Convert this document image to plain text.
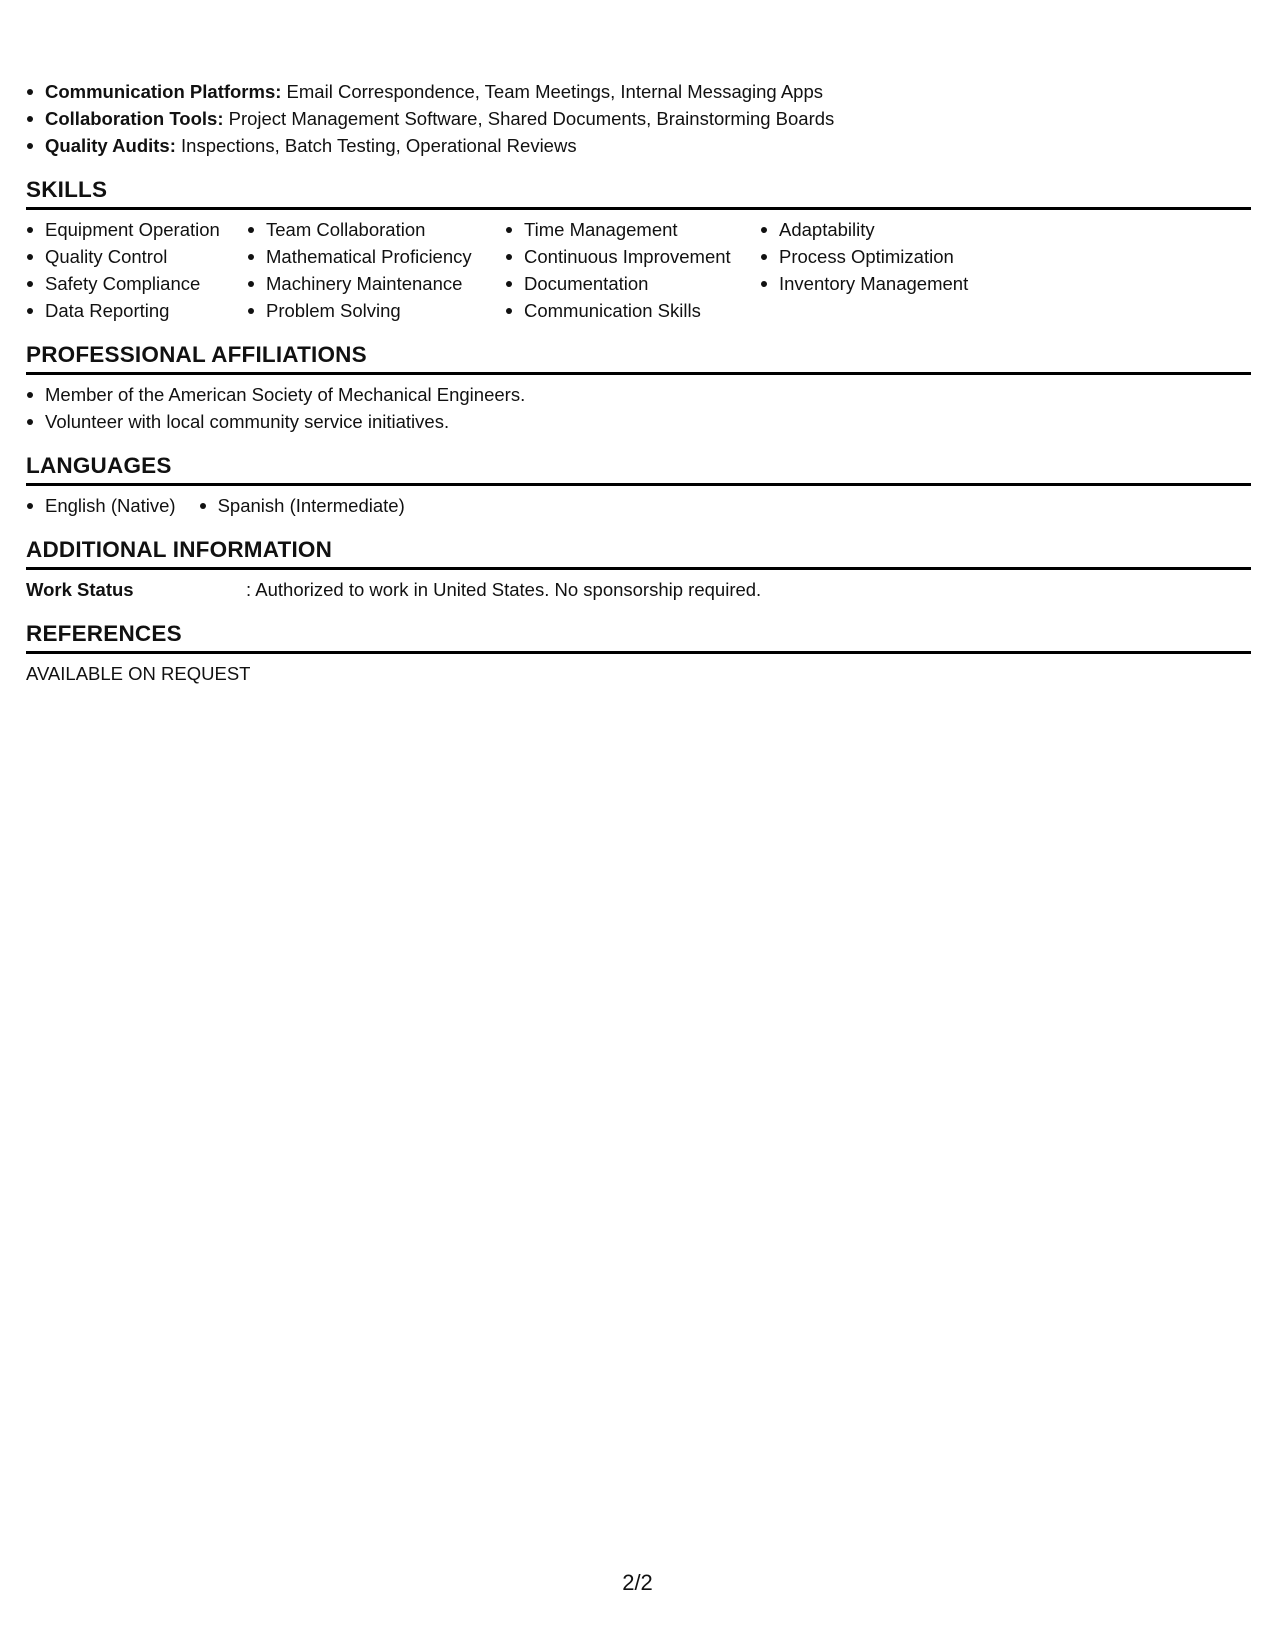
Communication Platforms: Email Correspondence, Team Meetings, Internal Messaging Apps
Collaboration Tools: Project Management Software, Shared Documents, Brainstorming Boards
Quality Audits: Inspections, Batch Testing, Operational Reviews
SKILLS
Equipment Operation
Quality Control
Safety Compliance
Data Reporting
Team Collaboration
Mathematical Proficiency
Machinery Maintenance
Problem Solving
Time Management
Continuous Improvement
Documentation
Communication Skills
Adaptability
Process Optimization
Inventory Management
PROFESSIONAL AFFILIATIONS
Member of the American Society of Mechanical Engineers.
Volunteer with local community service initiatives.
LANGUAGES
English (Native)	Spanish (Intermediate)
ADDITIONAL INFORMATION
Work Status	: Authorized to work in United States. No sponsorship required.
REFERENCES
AVAILABLE ON REQUEST
2/2
